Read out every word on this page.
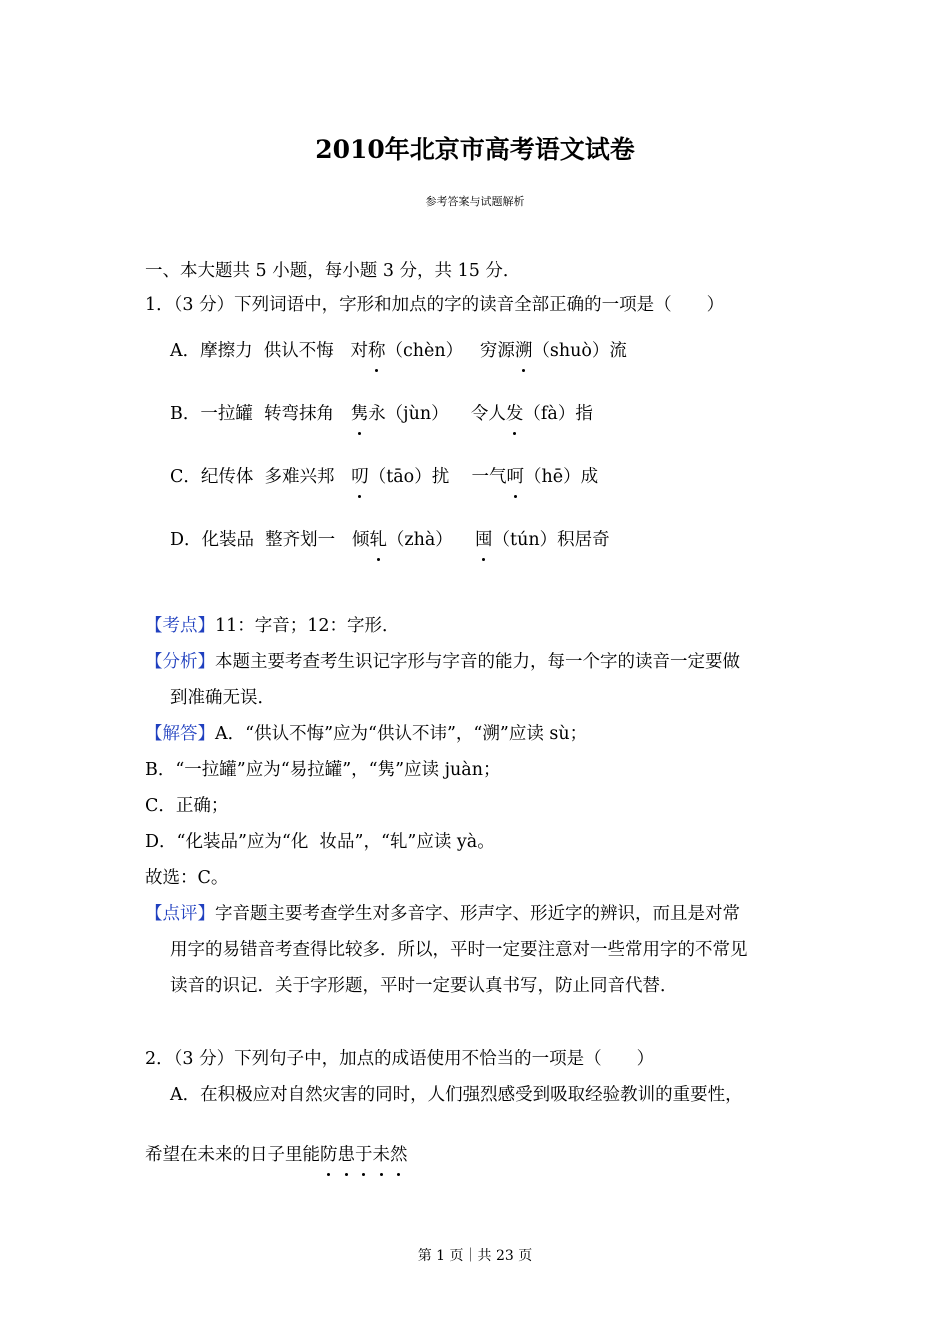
2010年北京市高考语文试卷
参考答案与试题解析
一、本大题共 5 小题，每小题 3 分，共 15 分．
1．（3 分）下列词语中，字形和加点的字的读音全部正确的一项是（　　）
A．摩擦力  供认不悔   对称（chèn）   穷源溯（shuò）流
B．一拉罐  转弯抹角   隽永（jùn）    令人发（fà）指
C．纪传体  多难兴邦   叨（tāo）扰    一气呵（hē）成
D．化装品  整齐划一   倾轧（zhà）    囤（tún）积居奇
【考点】11：字音；12：字形．
【分析】本题主要考查考生识记字形与字音的能力，每一个字的读音一定要做
到准确无误．
【解答】A．“供认不悔”应为“供认不讳”，“溯”应读 sù；
B．“一拉罐”应为“易拉罐”，“隽”应读 juàn；
C．正确；
D．“化装品”应为“化  妆品”，“轧”应读 yà。
故选：C。
【点评】字音题主要考查学生对多音字、形声字、形近字的辨识，而且是对常
用字的易错音考查得比较多．所以，平时一定要注意对一些常用字的不常见
读音的识记．关于字形题，平时一定要认真书写，防止同音代替．
2．（3 分）下列句子中，加点的成语使用不恰当的一项是（　　）
A．在积极应对自然灾害的同时，人们强烈感受到吸取经验教训的重要性，
希望在未来的日子里能防患于未然
第 1 页｜共 23 页
